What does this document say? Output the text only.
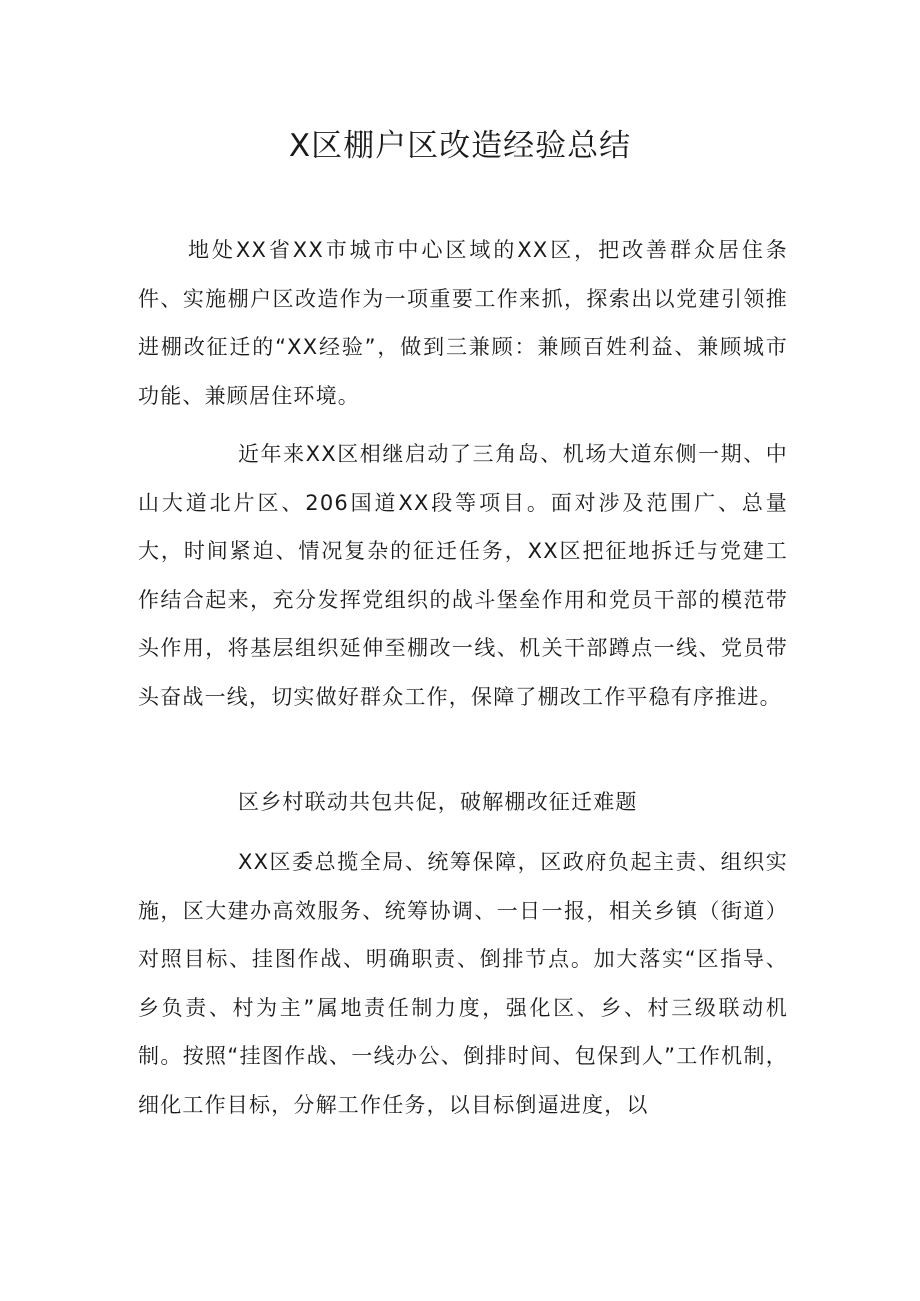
X区棚户区改造经验总结

地处XX省XX市城市中心区域的XX区，把改善群众居住条件、实施棚户区改造作为一项重要工作来抓，探索出以党建引领推进棚改征迁的“XX经验”，做到三兼顾：兼顾百姓利益、兼顾城市功能、兼顾居住环境。

近年来XX区相继启动了三角岛、机场大道东侧一期、中山大道北片区、206国道XX段等项目。面对涉及范围广、总量大，时间紧迫、情况复杂的征迁任务，XX区把征地拆迁与党建工作结合起来，充分发挥党组织的战斗堡垒作用和党员干部的模范带头作用，将基层组织延伸至棚改一线、机关干部蹲点一线、党员带头奋战一线，切实做好群众工作，保障了棚改工作平稳有序推进。

区乡村联动共包共促，破解棚改征迁难题

XX区委总揽全局、统筹保障，区政府负起主责、组织实施，区大建办高效服务、统筹协调、一日一报，相关乡镇（街道）对照目标、挂图作战、明确职责、倒排节点。加大落实“区指导、乡负责、村为主”属地责任制力度，强化区、乡、村三级联动机制。按照“挂图作战、一线办公、倒排时间、包保到人”工作机制，细化工作目标，分解工作任务，以目标倒逼进度，以
